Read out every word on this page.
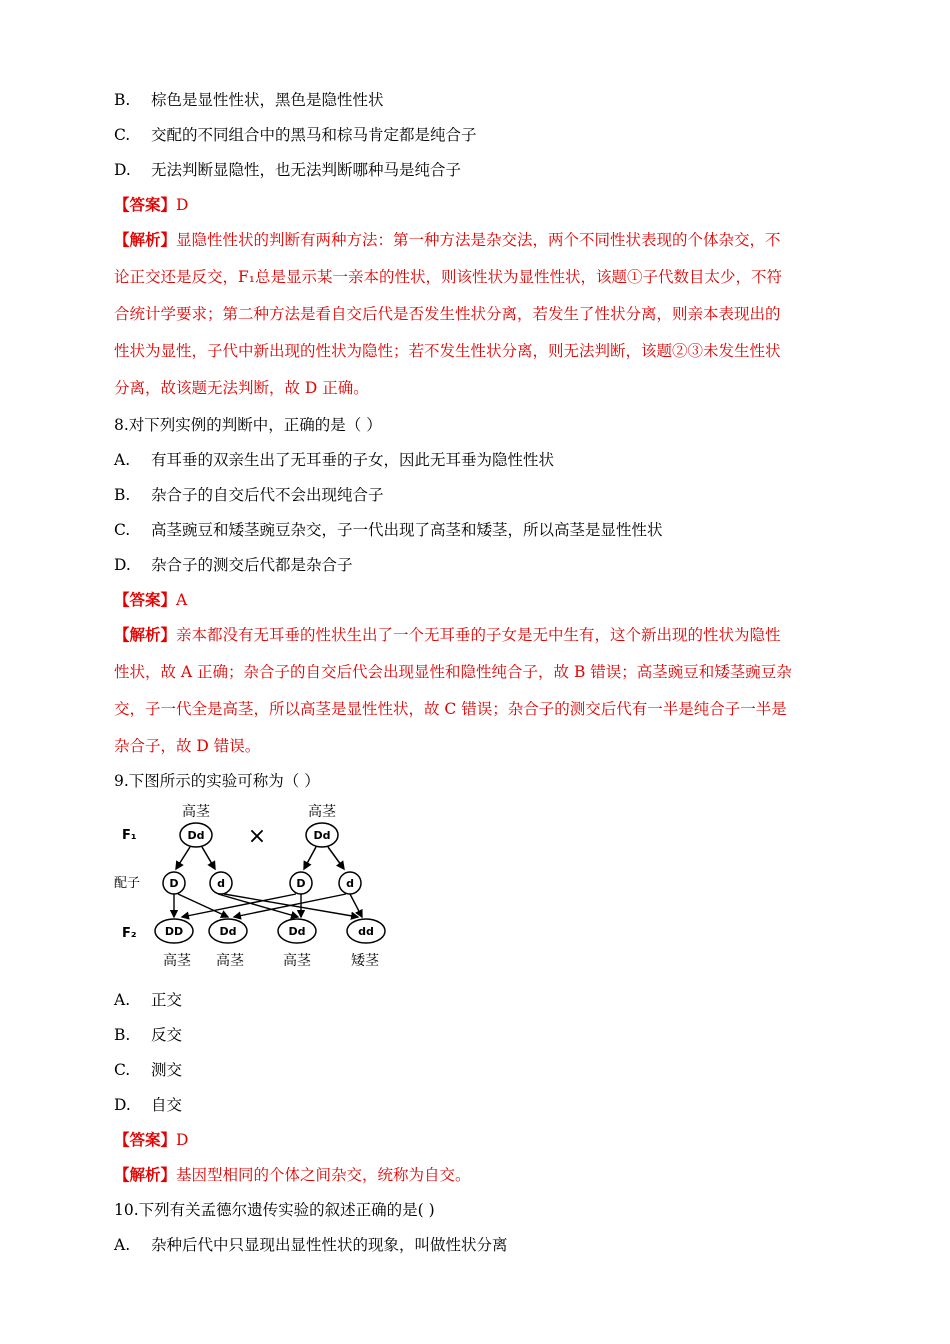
B. 棕色是显性性状，黑色是隐性性状
C. 交配的不同组合中的黑马和棕马肯定都是纯合子
D. 无法判断显隐性，也无法判断哪种马是纯合子
【答案】D
【解析】显隐性性状的判断有两种方法：第一种方法是杂交法，两个不同性状表现的个体杂交，不
论正交还是反交，F₁总是显示某一亲本的性状，则该性状为显性性状，该题①子代数目太少，不符
合统计学要求；第二种方法是看自交后代是否发生性状分离，若发生了性状分离，则亲本表现出的
性状为显性，子代中新出现的性状为隐性；若不发生性状分离，则无法判断，该题②③未发生性状
分离，故该题无法判断，故 D 正确。
8.对下列实例的判断中，正确的是（ ）
A. 有耳垂的双亲生出了无耳垂的子女，因此无耳垂为隐性性状
B. 杂合子的自交后代不会出现纯合子
C. 高茎豌豆和矮茎豌豆杂交，子一代出现了高茎和矮茎，所以高茎是显性性状
D. 杂合子的测交后代都是杂合子
【答案】A
【解析】亲本都没有无耳垂的性状生出了一个无耳垂的子女是无中生有，这个新出现的性状为隐性
性状，故 A 正确；杂合子的自交后代会出现显性和隐性纯合子，故 B 错误；高茎豌豆和矮茎豌豆杂
交，子一代全是高茎，所以高茎是显性性状，故 C 错误；杂合子的测交后代有一半是纯合子一半是
杂合子，故 D 错误。
9.下图所示的实验可称为（ ）
F₁
配子
F₂
高茎
Dd ×
高茎
Dd
D	d	D	d
DD	Dd	Dd	dd
高茎 高茎	高茎	矮茎
A. 正交
B. 反交
C. 测交
D. 自交
【答案】D
【解析】基因型相同的个体之间杂交，统称为自交。
10.下列有关孟德尔遗传实验的叙述正确的是( )
A. 杂种后代中只显现出显性性状的现象，叫做性状分离
